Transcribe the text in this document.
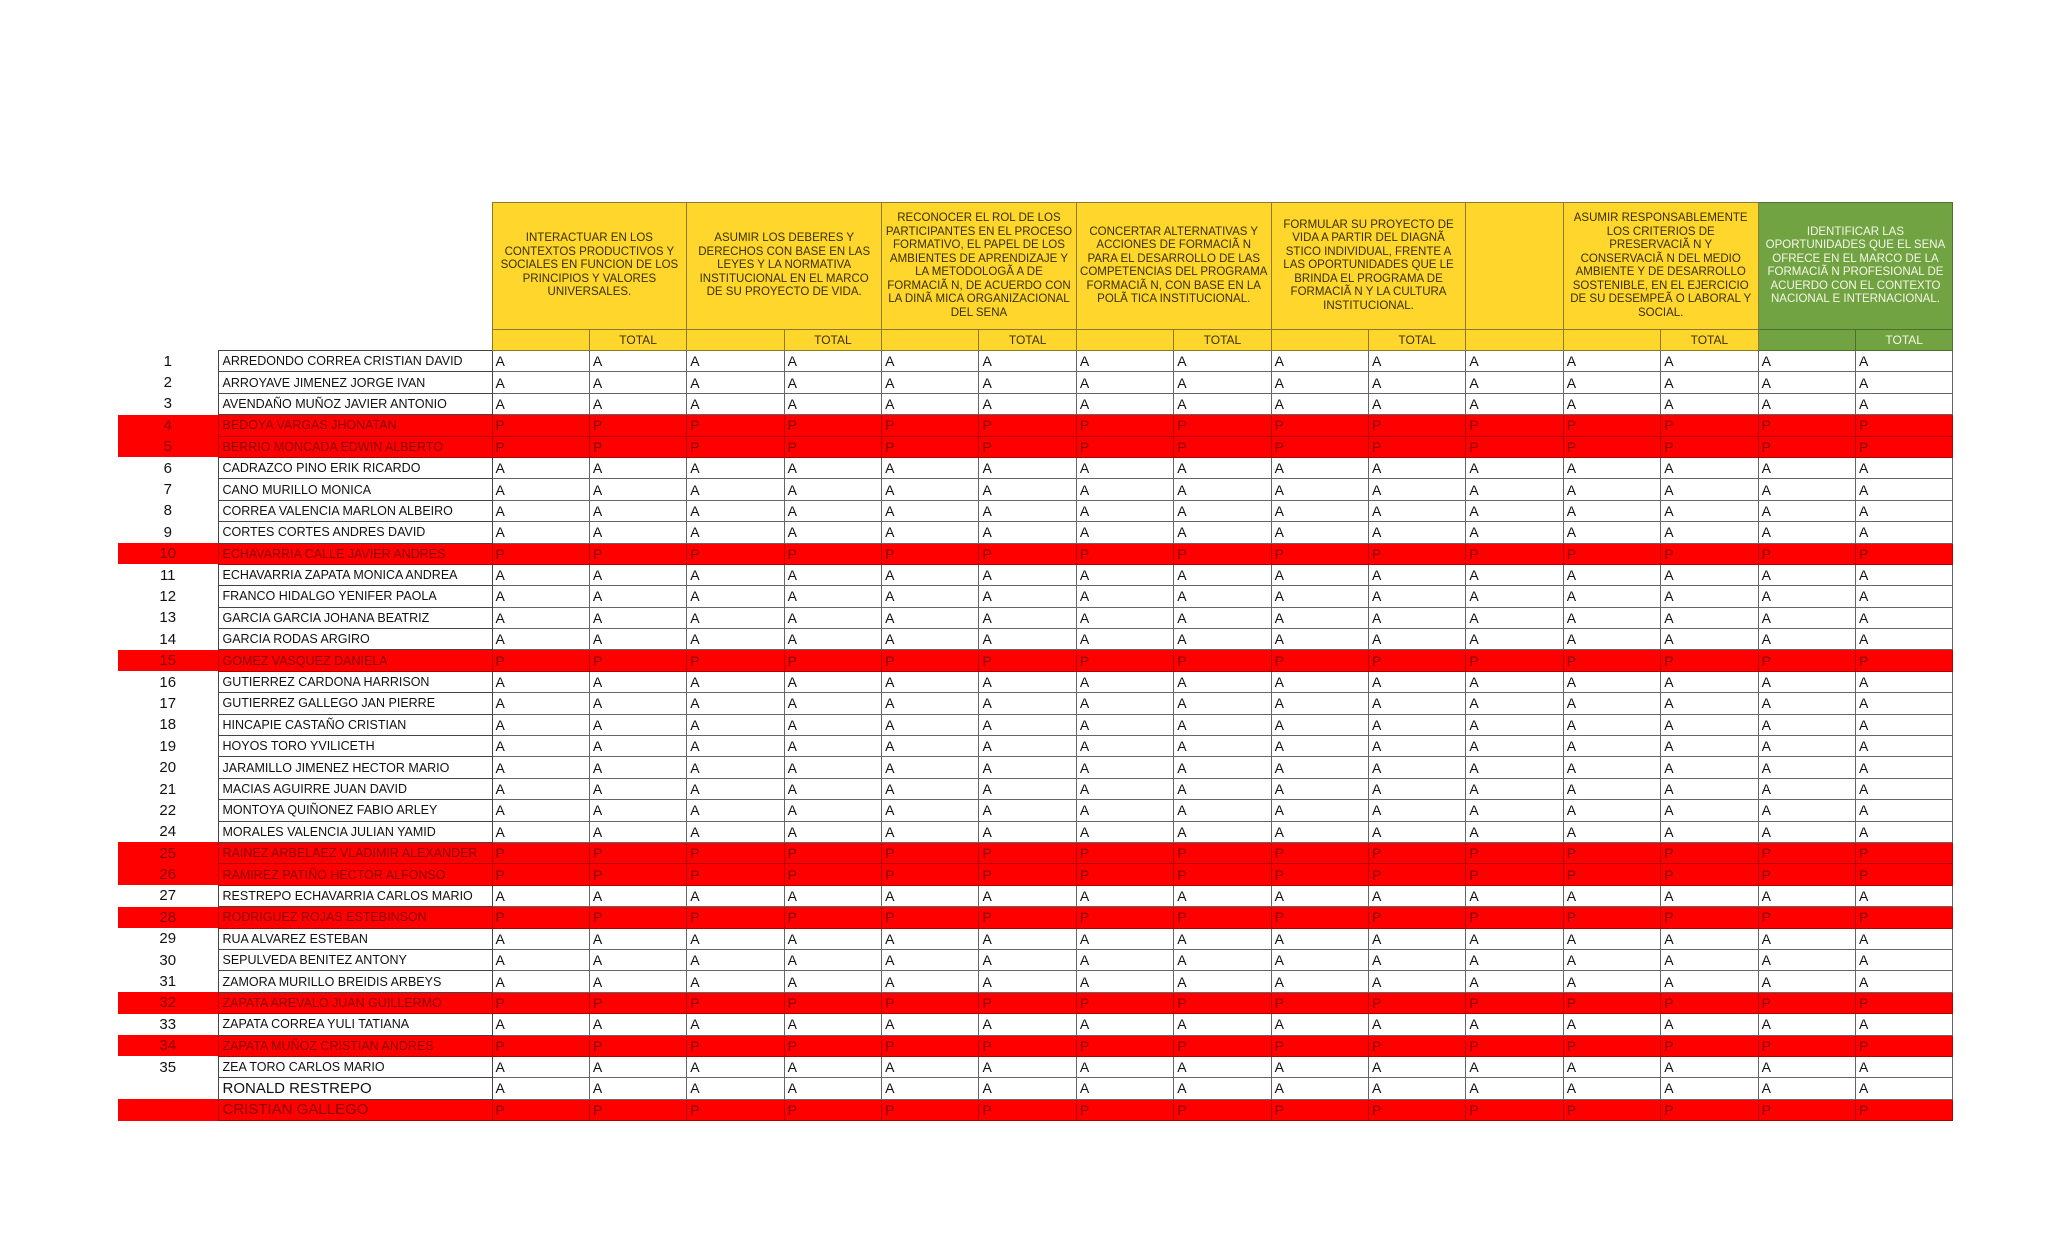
		INTERACTUAR EN LOS CONTEXTOS PRODUCTIVOS Y SOCIALES EN FUNCION DE LOS PRINCIPIOS Y VALORES UNIVERSALES.		ASUMIR LOS DEBERES Y DERECHOS CON BASE EN LAS LEYES Y LA NORMATIVA INSTITUCIONAL EN EL MARCO DE SU PROYECTO DE VIDA.		RECONOCER EL ROL DE LOS PARTICIPANTES EN EL PROCESO FORMATIVO, EL PAPEL DE LOS AMBIENTES DE APRENDIZAJE Y LA METODOLOGÃ A DE FORMACIÃ N, DE ACUERDO CON LA DINÃ MICA ORGANIZACIONAL DEL SENA		CONCERTAR ALTERNATIVAS Y ACCIONES DE FORMACIÃ N PARA EL DESARROLLO DE LAS COMPETENCIAS DEL PROGRAMA FORMACIÃ N, CON BASE EN LA POLÃ TICA INSTITUCIONAL.		FORMULAR SU PROYECTO DE VIDA A PARTIR DEL DIAGNÃ STICO INDIVIDUAL, FRENTE A LAS OPORTUNIDADES QUE LE BRINDA EL PROGRAMA DE FORMACIÃ N Y LA CULTURA INSTITUCIONAL.			ASUMIR RESPONSABLEMENTE LOS CRITERIOS DE PRESERVACIÃ N Y CONSERVACIÃ N DEL MEDIO AMBIENTE Y DE DESARROLLO SOSTENIBLE, EN EL EJERCICIO DE SU DESEMPEÃ O LABORAL Y SOCIAL.		IDENTIFICAR LAS OPORTUNIDADES QUE EL SENA OFRECE EN EL MARCO DE LA FORMACIÃ N PROFESIONAL DE ACUERDO CON EL CONTEXTO NACIONAL E INTERNACIONAL.	

			TOTAL		TOTAL		TOTAL		TOTAL		TOTAL			TOTAL		TOTAL
1	ARREDONDO CORREA CRISTIAN DAVID	A	A	A	A	A	A	A	A	A	A	A	A	A	A	A
2	ARROYAVE JIMENEZ JORGE IVAN	A	A	A	A	A	A	A	A	A	A	A	A	A	A	A
3	AVENDAÑO MUÑOZ JAVIER ANTONIO	A	A	A	A	A	A	A	A	A	A	A	A	A	A	A
4	BEDOYA VARGAS JHONATAN	P	P	P	P	P	P	P	P	P	P	P	P	P	P	P
5	BERRIO MONCADA EDWIN ALBERTO	P	P	P	P	P	P	P	P	P	P	P	P	P	P	P
6	CADRAZCO PINO ERIK RICARDO	A	A	A	A	A	A	A	A	A	A	A	A	A	A	A
7	CANO MURILLO MONICA	A	A	A	A	A	A	A	A	A	A	A	A	A	A	A
8	CORREA VALENCIA MARLON ALBEIRO	A	A	A	A	A	A	A	A	A	A	A	A	A	A	A
9	CORTES CORTES ANDRES DAVID	A	A	A	A	A	A	A	A	A	A	A	A	A	A	A
10	ECHAVARRIA CALLE JAVIER ANDRES	P	P	P	P	P	P	P	P	P	P	P	P	P	P	P
11	ECHAVARRIA ZAPATA MONICA ANDREA	A	A	A	A	A	A	A	A	A	A	A	A	A	A	A
12	FRANCO HIDALGO YENIFER PAOLA	A	A	A	A	A	A	A	A	A	A	A	A	A	A	A
13	GARCIA GARCIA JOHANA BEATRIZ	A	A	A	A	A	A	A	A	A	A	A	A	A	A	A
14	GARCIA RODAS ARGIRO	A	A	A	A	A	A	A	A	A	A	A	A	A	A	A
15	GOMEZ VASQUEZ DANIELA	P	P	P	P	P	P	P	P	P	P	P	P	P	P	P
16	GUTIERREZ CARDONA HARRISON	A	A	A	A	A	A	A	A	A	A	A	A	A	A	A
17	GUTIERREZ GALLEGO JAN PIERRE	A	A	A	A	A	A	A	A	A	A	A	A	A	A	A
18	HINCAPIE CASTAÑO CRISTIAN	A	A	A	A	A	A	A	A	A	A	A	A	A	A	A
19	HOYOS TORO YVILICETH	A	A	A	A	A	A	A	A	A	A	A	A	A	A	A
20	JARAMILLO JIMENEZ HECTOR MARIO	A	A	A	A	A	A	A	A	A	A	A	A	A	A	A
21	MACIAS AGUIRRE JUAN DAVID	A	A	A	A	A	A	A	A	A	A	A	A	A	A	A
22	MONTOYA QUIÑONEZ FABIO ARLEY	A	A	A	A	A	A	A	A	A	A	A	A	A	A	A
24	MORALES VALENCIA JULIAN YAMID	A	A	A	A	A	A	A	A	A	A	A	A	A	A	A
25	RAINEZ ARBELAEZ VLADIMIR ALEXANDER	P	P	P	P	P	P	P	P	P	P	P	P	P	P	P
26	RAMIREZ PATIÑO HECTOR ALFONSO	P	P	P	P	P	P	P	P	P	P	P	P	P	P	P
27	RESTREPO ECHAVARRIA CARLOS MARIO	A	A	A	A	A	A	A	A	A	A	A	A	A	A	A
28	RODRIGUEZ ROJAS ESTEBINSON	P	P	P	P	P	P	P	P	P	P	P	P	P	P	P
29	RUA ALVAREZ ESTEBAN	A	A	A	A	A	A	A	A	A	A	A	A	A	A	A
30	SEPULVEDA BENITEZ ANTONY	A	A	A	A	A	A	A	A	A	A	A	A	A	A	A
31	ZAMORA MURILLO BREIDIS ARBEYS	A	A	A	A	A	A	A	A	A	A	A	A	A	A	A
32	ZAPATA AREVALO JUAN GUILLERMO	P	P	P	P	P	P	P	P	P	P	P	P	P	P	P
33	ZAPATA CORREA YULI TATIANA	A	A	A	A	A	A	A	A	A	A	A	A	A	A	A
34	ZAPATA MUÑOZ CRISTIAN ANDRES	P	P	P	P	P	P	P	P	P	P	P	P	P	P	P
35	ZEA TORO CARLOS MARIO	A	A	A	A	A	A	A	A	A	A	A	A	A	A	A
	RONALD RESTREPO	A	A	A	A	A	A	A	A	A	A	A	A	A	A	A
	CRISTIAN GALLEGO	P	P	P	P	P	P	P	P	P	P	P	P	P	P	P
